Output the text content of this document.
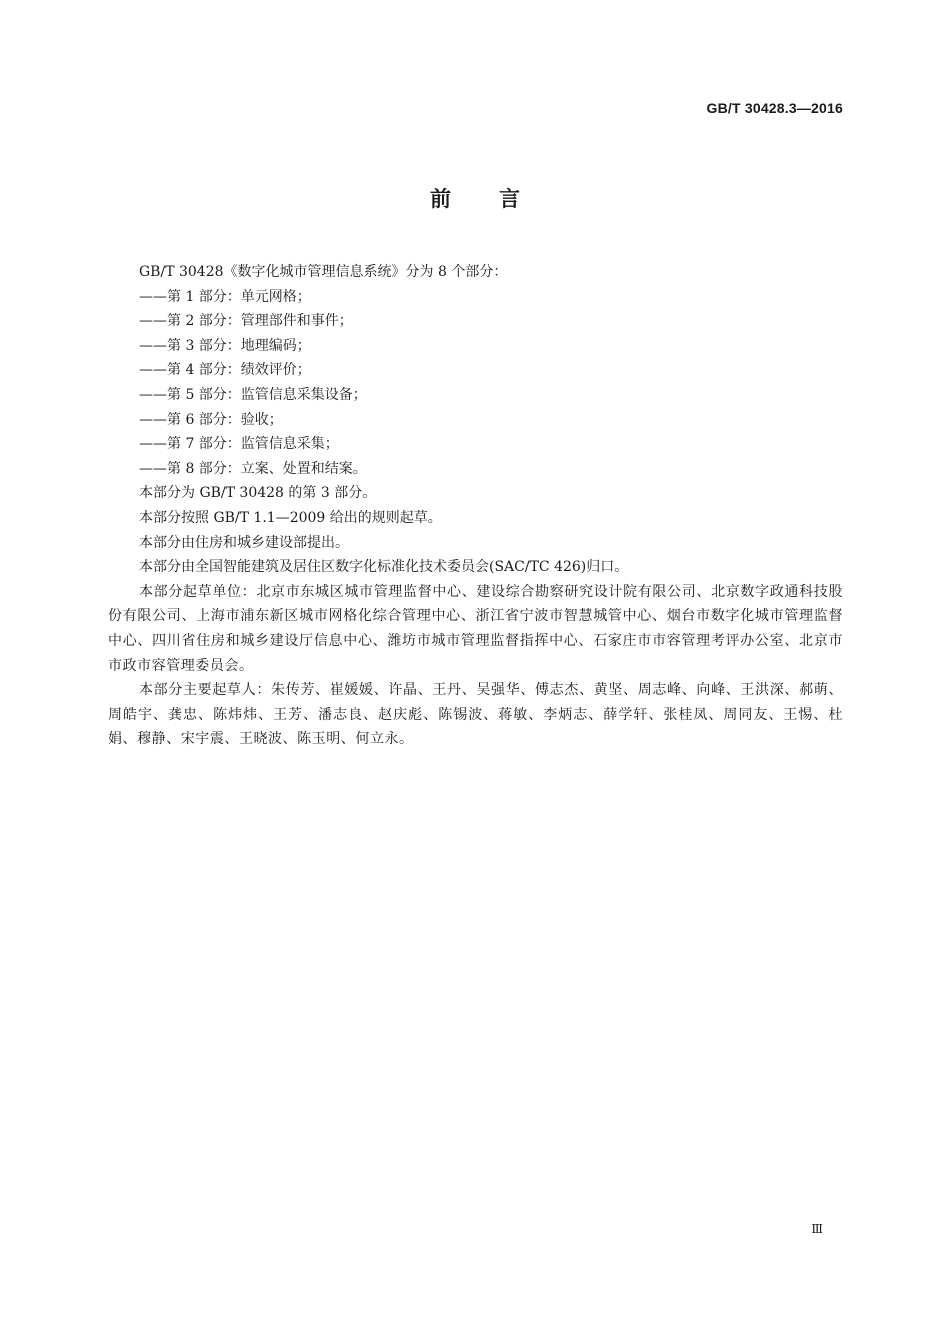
GB/T 30428.3—2016
前言
GB/T 30428《数字化城市管理信息系统》分为 8 个部分：
——第 1 部分：单元网格；
——第 2 部分：管理部件和事件；
——第 3 部分：地理编码；
——第 4 部分：绩效评价；
——第 5 部分：监管信息采集设备；
——第 6 部分：验收；
——第 7 部分：监管信息采集；
——第 8 部分：立案、处置和结案。
本部分为 GB/T 30428 的第 3 部分。
本部分按照 GB/T 1.1—2009 给出的规则起草。
本部分由住房和城乡建设部提出。
本部分由全国智能建筑及居住区数字化标准化技术委员会(SAC/TC 426)归口。
本部分起草单位：北京市东城区城市管理监督中心、建设综合勘察研究设计院有限公司、北京数字政通科技股份有限公司、上海市浦东新区城市网格化综合管理中心、浙江省宁波市智慧城管中心、烟台市数字化城市管理监督中心、四川省住房和城乡建设厅信息中心、潍坊市城市管理监督指挥中心、石家庄市市容管理考评办公室、北京市市政市容管理委员会。
本部分主要起草人：朱传芳、崔媛媛、许晶、王丹、吴强华、傅志杰、黄坚、周志峰、向峰、王洪深、郝萌、周皓宇、龚忠、陈炜炜、王芳、潘志良、赵庆彪、陈锡波、蒋敏、李炳志、薛学轩、张桂凤、周同友、王惕、杜娟、穆静、宋宇震、王晓波、陈玉明、何立永。
Ⅲ
